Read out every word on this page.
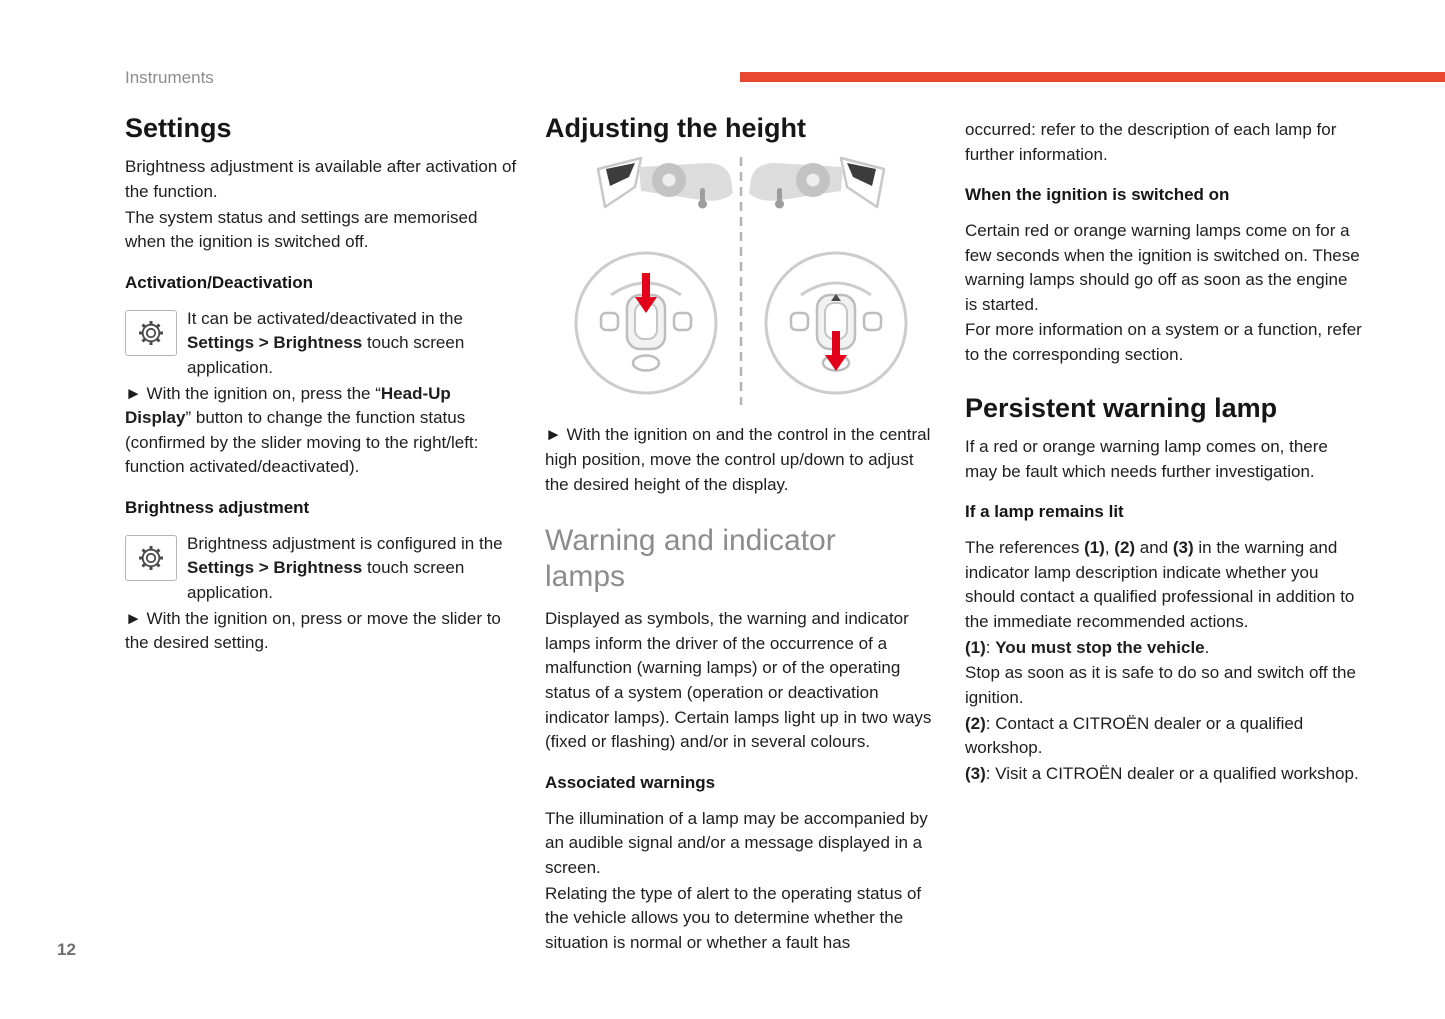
Instruments
Settings

Brightness adjustment is available after activation of the function.

The system status and settings are memorised when the ignition is switched off.

Activation/Deactivation
It can be activated/deactivated in the Settings > Brightness touch screen application.

► With the ignition on, press the “Head-Up Display” button to change the function status (confirmed by the slider moving to the right/left: function activated/deactivated).

Brightness adjustment
Brightness adjustment is configured in the Settings > Brightness touch screen application.

► With the ignition on, press or move the slider to the desired setting.

Adjusting the height

► With the ignition on and the control in the central high position, move the control up/down to adjust the desired height of the display.

Warning and indicator lamps

Displayed as symbols, the warning and indicator lamps inform the driver of the occurrence of a malfunction (warning lamps) or of the operating status of a system (operation or deactivation indicator lamps). Certain lamps light up in two ways (fixed or flashing) and/or in several colours.

Associated warnings

The illumination of a lamp may be accompanied by an audible signal and/or a message displayed in a screen.

Relating the type of alert to the operating status of the vehicle allows you to determine whether the situation is normal or whether a fault has

occurred: refer to the description of each lamp for further information.

When the ignition is switched on

Certain red or orange warning lamps come on for a few seconds when the ignition is switched on. These warning lamps should go off as soon as the engine is started.

For more information on a system or a function, refer to the corresponding section.

Persistent warning lamp

If a red or orange warning lamp comes on, there may be fault which needs further investigation.

If a lamp remains lit

The references (1), (2) and (3) in the warning and indicator lamp description indicate whether you should contact a qualified professional in addition to the immediate recommended actions.

(1): You must stop the vehicle.

Stop as soon as it is safe to do so and switch off the ignition.

(2): Contact a CITROËN dealer or a qualified workshop.

(3): Visit a CITROËN dealer or a qualified workshop.

12
